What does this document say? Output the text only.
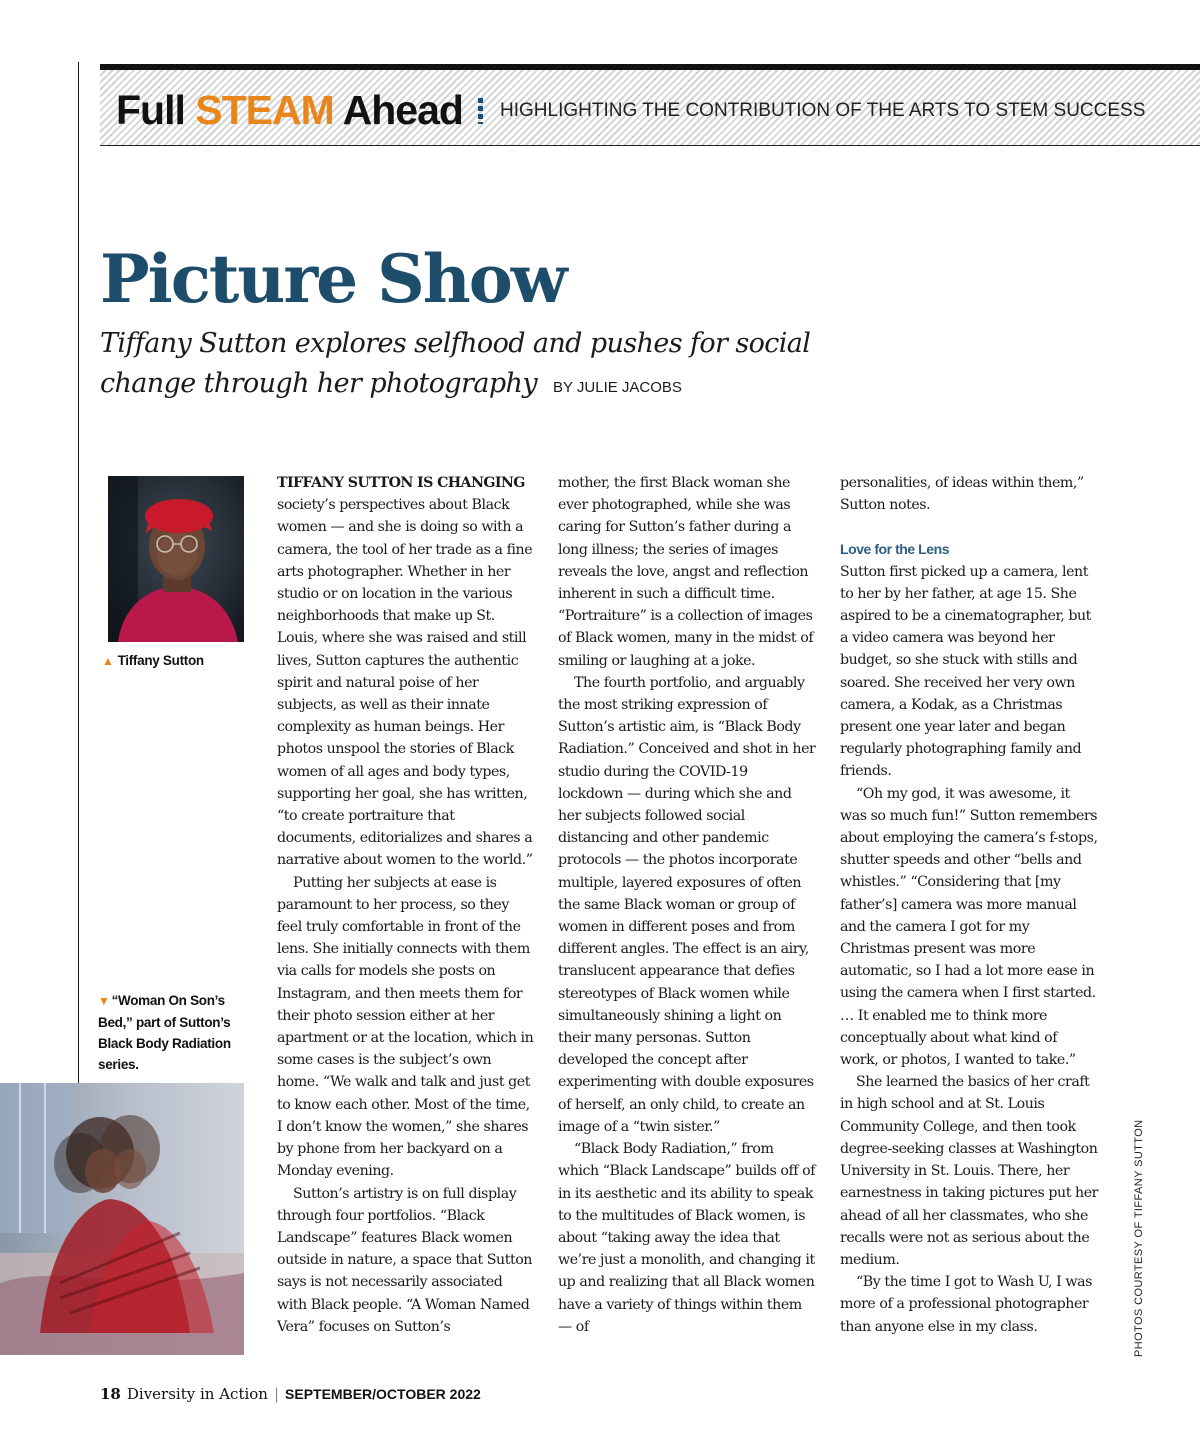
Full STEAM Ahead HIGHLIGHTING THE CONTRIBUTION OF THE ARTS TO STEM SUCCESS
Picture Show
Tiffany Sutton explores selfhood and pushes for social change through her photography BY JULIE JACOBS
▲ Tiffany Sutton
▼ “Woman On Son’s Bed,” part of Sutton’s Black Body Radiation series.

TIFFANY SUTTON IS CHANGING society’s perspectives about Black women — and she is doing so with a camera, the tool of her trade as a fine arts photographer. Whether in her studio or on location in the various neighborhoods that make up St. Louis, where she was raised and still lives, Sutton captures the authentic spirit and natural poise of her subjects, as well as their innate complexity as human beings. Her photos unspool the stories of Black women of all ages and body types, supporting her goal, she has written, “to create portraiture that documents, editorializes and shares a narrative about women to the world.”

Putting her subjects at ease is paramount to her process, so they feel truly comfortable in front of the lens. She initially connects with them via calls for models she posts on Instagram, and then meets them for their photo session either at her apartment or at the location, which in some cases is the subject’s own home. “We walk and talk and just get to know each other. Most of the time, I don’t know the women,” she shares by phone from her backyard on a Monday evening.

Sutton’s artistry is on full display through four portfolios. “Black Landscape” features Black women outside in nature, a space that Sutton says is not necessarily associated with Black people. “A Woman Named Vera” focuses on Sutton’s

mother, the first Black woman she ever photographed, while she was caring for Sutton’s father during a long illness; the series of images reveals the love, angst and reflection inherent in such a difficult time. “Portraiture” is a collection of images of Black women, many in the midst of smiling or laughing at a joke.

The fourth portfolio, and arguably the most striking expression of Sutton’s artistic aim, is “Black Body Radiation.” Conceived and shot in her studio during the COVID-19 lockdown — during which she and her subjects followed social distancing and other pandemic protocols — the photos incorporate multiple, layered exposures of often the same Black woman or group of women in different poses and from different angles. The effect is an airy, translucent appearance that defies stereotypes of Black women while simultaneously shining a light on their many personas. Sutton developed the concept after experimenting with double exposures of herself, an only child, to create an image of a “twin sister.”

“Black Body Radiation,” from which “Black Landscape” builds off of in its aesthetic and its ability to speak to the multitudes of Black women, is about “taking away the idea that we’re just a monolith, and changing it up and realizing that all Black women have a variety of things within them — of

personalities, of ideas within them,” Sutton notes.

Love for the Lens

Sutton first picked up a camera, lent to her by her father, at age 15. She aspired to be a cinematographer, but a video camera was beyond her budget, so she stuck with stills and soared. She received her very own camera, a Kodak, as a Christmas present one year later and began regularly photographing family and friends.

“Oh my god, it was awesome, it was so much fun!” Sutton remembers about employing the camera’s f-stops, shutter speeds and other “bells and whistles.” “Considering that [my father’s] camera was more manual and the camera I got for my Christmas present was more automatic, so I had a lot more ease in using the camera when I first started. … It enabled me to think more conceptually about what kind of work, or photos, I wanted to take.”

She learned the basics of her craft in high school and at St. Louis Community College, and then took degree-seeking classes at Washington University in St. Louis. There, her earnestness in taking pictures put her ahead of all her classmates, who she recalls were not as serious about the medium.

“By the time I got to Wash U, I was more of a professional photographer than anyone else in my class.	PHOTOS COURTESY OF TIFFANY SUTTON
18 Diversity in Action | SEPTEMBER/OCTOBER 2022
